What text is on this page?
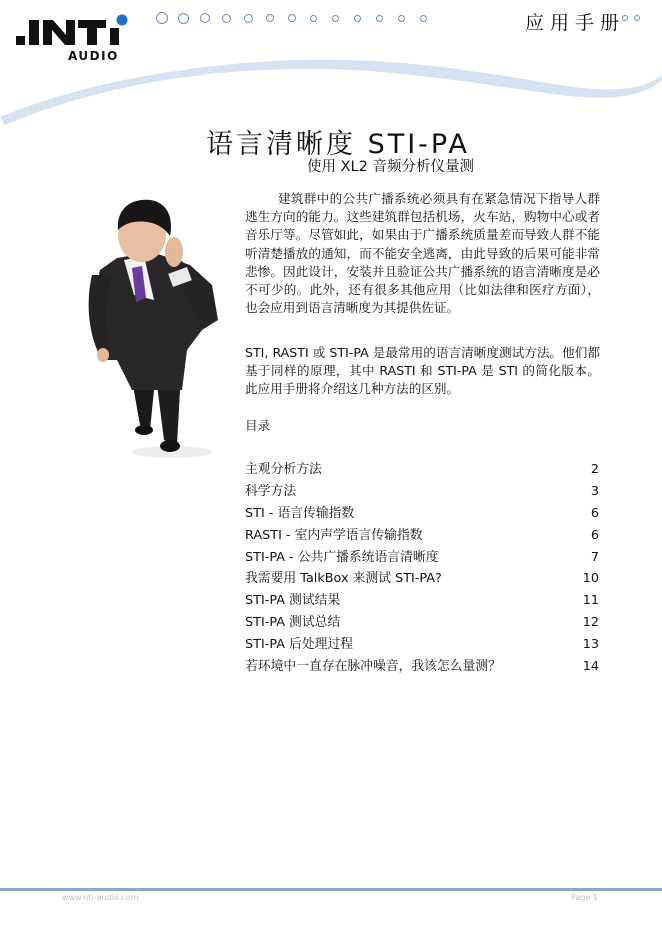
AUDIO
应用手册
语言清晰度 STI-PA
使用 XL2 音频分析仪量测

建筑群中的公共广播系统必须具有在紧急情况下指导人群逃生方向的能力。这些建筑群包括机场，火车站，购物中心或者音乐厅等。尽管如此，如果由于广播系统质量差而导致人群不能听清楚播放的通知，而不能安全逃离，由此导致的后果可能非常悲惨。因此设计，安装并且验证公共广播系统的语言清晰度是必不可少的。此外，还有很多其他应用（比如法律和医疗方面），也会应用到语言清晰度为其提供佐证。

STI, RASTI 或 STI-PA 是最常用的语言清晰度测试方法。他们都基于同样的原理，其中 RASTI 和 STI-PA 是 STI 的简化版本。此应用手册将介绍这几种方法的区别。

目录

主观分析方法	2
科学方法	3
STI - 语言传输指数	6
RASTI - 室内声学语言传输指数	6
STI-PA - 公共广播系统语言清晰度	7
我需要用 TalkBox 来测试 STI-PA?	10
STI-PA 测试结果	11
STI-PA 测试总结	12
STI-PA 后处理过程	13
若环境中一直存在脉冲噪音，我该怎么量测？	14
www.nti-audio.com	Page 1
